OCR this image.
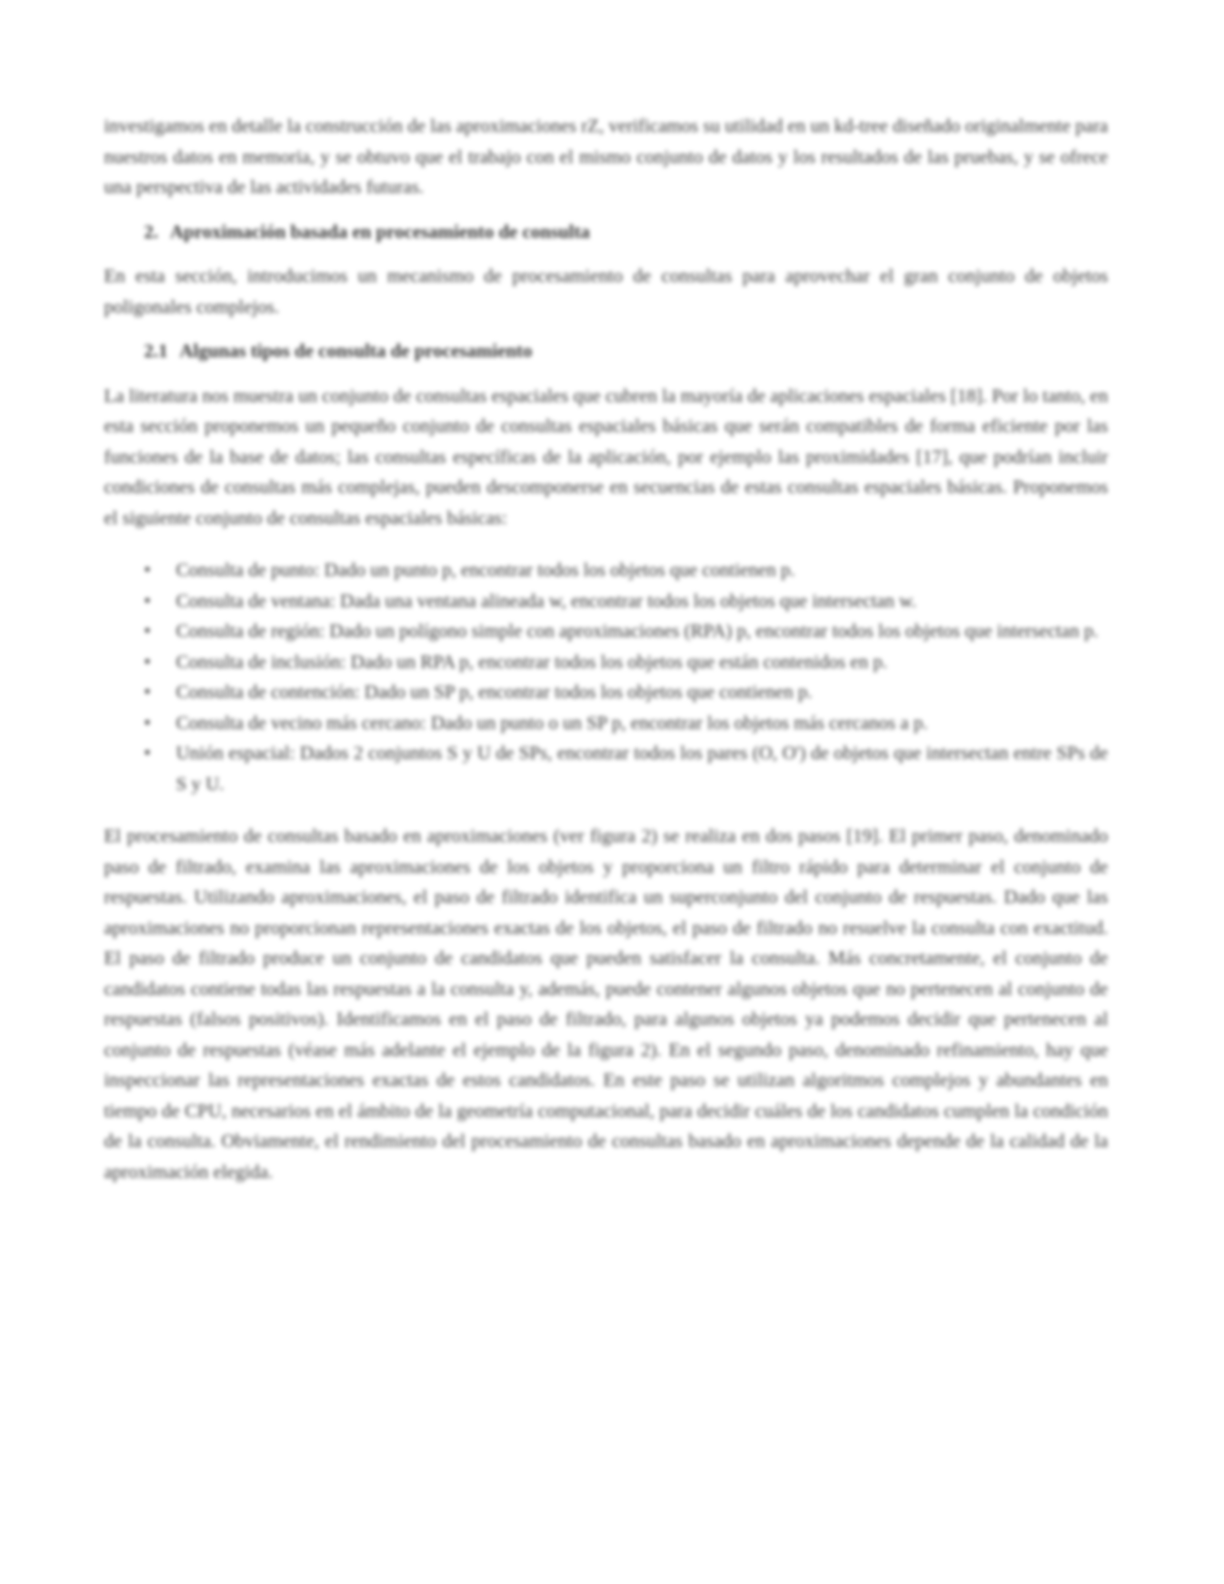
investigamos en detalle la construcción de las aproximaciones rZ, verificamos su utilidad en un kd-tree diseñado originalmente para nuestros datos en memoria, y se obtuvo que el trabajo con el mismo conjunto de datos y los resultados de las pruebas, y se ofrece una perspectiva de las actividades futuras.

2. Aproximación basada en procesamiento de consulta

En esta sección, introducimos un mecanismo de procesamiento de consultas para aprovechar el gran conjunto de objetos poligonales complejos.

2.1 Algunas tipos de consulta de procesamiento

La literatura nos muestra un conjunto de consultas espaciales que cubren la mayoría de aplicaciones espaciales [18]. Por lo tanto, en esta sección proponemos un pequeño conjunto de consultas espaciales básicas que serán compatibles de forma eficiente por las funciones de la base de datos; las consultas específicas de la aplicación, por ejemplo las proximidades [17], que podrían incluir condiciones de consultas más complejas, pueden descomponerse en secuencias de estas consultas espaciales básicas. Proponemos el siguiente conjunto de consultas espaciales básicas:

• Consulta de punto: Dado un punto p, encontrar todos los objetos que contienen p.
• Consulta de ventana: Dada una ventana alineada w, encontrar todos los objetos que intersectan w.
• Consulta de región: Dado un polígono simple con aproximaciones (RPA) p, encontrar todos los objetos que intersectan p.
• Consulta de inclusión: Dado un RPA p, encontrar todos los objetos que están contenidos en p.
• Consulta de contención: Dado un SP p, encontrar todos los objetos que contienen p.
• Consulta de vecino más cercano: Dado un punto o un SP p, encontrar los objetos más cercanos a p.
• Unión espacial: Dados 2 conjuntos S y U de SPs, encontrar todos los pares (O, O') de objetos que intersectan entre SPs de S y U.

El procesamiento de consultas basado en aproximaciones (ver figura 2) se realiza en dos pasos [19]. El primer paso, denominado paso de filtrado, examina las aproximaciones de los objetos y proporciona un filtro rápido para determinar el conjunto de respuestas. Utilizando aproximaciones, el paso de filtrado identifica un superconjunto del conjunto de respuestas. Dado que las aproximaciones no proporcionan representaciones exactas de los objetos, el paso de filtrado no resuelve la consulta con exactitud. El paso de filtrado produce un conjunto de candidatos que pueden satisfacer la consulta. Más concretamente, el conjunto de candidatos contiene todas las respuestas a la consulta y, además, puede contener algunos objetos que no pertenecen al conjunto de respuestas (falsos positivos). Identificamos en el paso de filtrado, para algunos objetos ya podemos decidir que pertenecen al conjunto de respuestas (véase más adelante el ejemplo de la figura 2). En el segundo paso, denominado refinamiento, hay que inspeccionar las representaciones exactas de estos candidatos. En este paso se utilizan algoritmos complejos y abundantes en tiempo de CPU, necesarios en el ámbito de la geometría computacional, para decidir cuáles de los candidatos cumplen la condición de la consulta. Obviamente, el rendimiento del procesamiento de consultas basado en aproximaciones depende de la calidad de la aproximación elegida.
